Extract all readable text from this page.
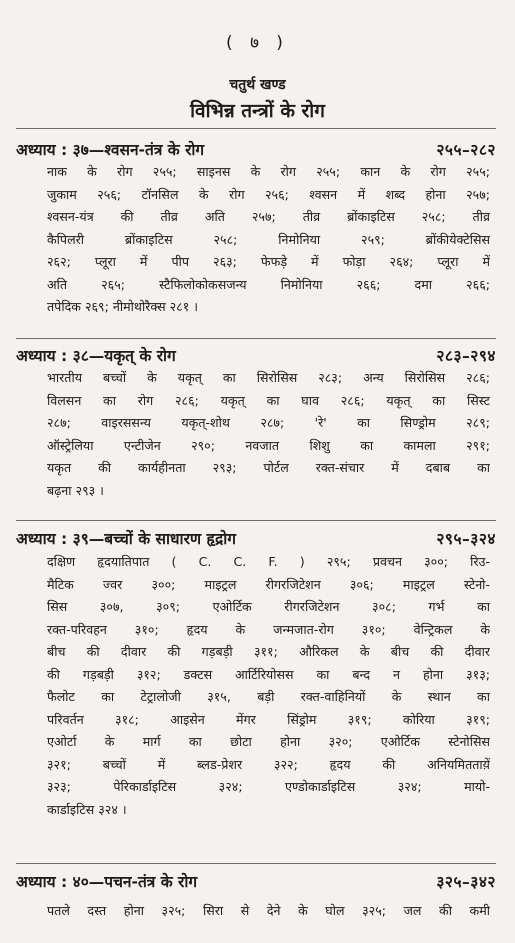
( ७ )
चतुर्थ खण्ड
विभिन्न तन्त्रों के रोग
अध्याय : ३७—श्वसन-तंत्र के रोग	२५५–२८२
नाक के रोग २५५; साइनस के रोग २५५; कान के रोग २५५;
जुकाम २५६; टॉनसिल के रोग २५६; श्वसन में शब्द होना २५७;
श्वसन-यंत्र की तीव्र अति २५७; तीव्र ब्रोंकाइटिस २५८; तीव्र
कैपिलरी ब्रोंकाइटिस २५८; निमोनिया २५९; ब्रोंकीयेक्टेसिस
२६२; प्लूरा में पीप २६३; फेफड़े में फोड़ा २६४; प्लूरा में
अति २६५; स्टैफिलोकोकसजन्य निमोनिया २६६; दमा २६६;
तपेदिक २६९; नीमोथोरैक्स २८१ ।
अध्याय : ३८—यकृत् के रोग	२८३–२९४
भारतीय बच्चों के यकृत् का सिरोसिस २८३; अन्य सिरोसिस २८६;
विलसन का रोग २८६; यकृत् का घाव २८६; यकृत् का सिस्ट
२८७; वाइरससन्य यकृत्-शोथ २८७; 'रे' का सिण्ड्रोम २८९;
ऑस्ट्रेलिया एन्टीजेन २९०; नवजात शिशु का कामला २९१;
यकृत की कार्यहीनता २९३; पोर्टल रक्त-संचार में दबाब का
बढ़ना २९३ ।
अध्याय : ३९—बच्चों के साधारण हृद्रोग	२९५–३२४
दक्षिण हृदयातिपात ( C. C. F. ) २९५; प्रवचन ३००; रिउ-
मैटिक ज्वर ३००; माइट्रल रीगरजिटेशन ३०६; माइट्रल स्टेनो-
सिस ३०७, ३०९; एओर्टिक रीगरजिटेशन ३०८; गर्भ का
रक्त-परिवहन ३१०; हृदय के जन्मजात-रोग ३१०; वेन्ट्रिकल के
बीच की दीवार की गड़बड़ी ३११; औरिकल के बीच की दीवार
की गड़बड़ी ३१२; डक्टस आर्टिरियोसस का बन्द न होना ३१३;
फैलोट का टेट्रालोजी ३१५, बड़ी रक्त-वाहिनियों के स्थान का
परिवर्तन ३१८; आइसेन मेंगर सिंड्रोम ३१९; कोरिया ३१९;
एओर्टा के मार्ग का छोटा होना ३२०; एओर्टिक स्टेनोसिस
३२१; बच्चों में ब्लड-प्रेशर ३२२; हृदय की अनियमितताय़ें
३२३; पेरिकार्डाइटिस ३२४; एण्डोकार्डाइटिस ३२४; मायो-
कार्डाइटिस ३२४ ।
अध्याय : ४०—पचन-तंत्र के रोग	३२५–३४२
पतले दस्त होना ३२५; सिरा से देने के घोल ३२५; जल की कमी
